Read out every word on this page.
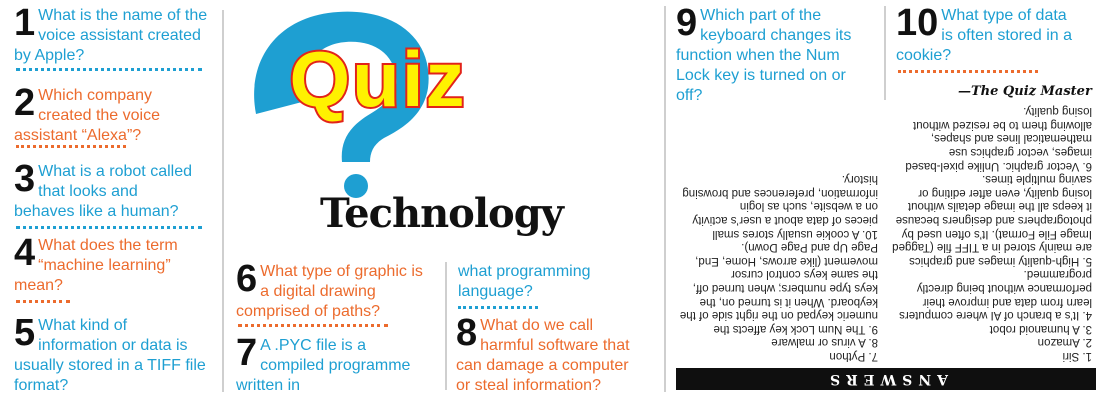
1 What is the name of the voice assistant created by Apple?
2 Which company created the voice assistant “Alexa”?
3 What is a robot called that looks and behaves like a human?
4 What does the term “machine learning” mean?
5 What kind of information or data is usually stored in a TIFF file format?
Quiz
Technology
6 What type of graphic is a digital drawing comprised of paths?
7 A .PYC file is a compiled programme written in
what programming language?
8 What do we call harmful software that can damage a computer or steal information?
9 Which part of the keyboard changes its function when the Num Lock key is turned on or off?
10 What type of data is often stored in a cookie?
—The Quiz Master
ANSWERS
1. Siri
2. Amazon
3. A humanoid robot
4. It’s a branch of AI where computers learn from data and improve their performance without being directly programmed.
5. High-quality images and graphics are mainly stored in a TIFF file (Tagged Image File Format). It’s often used by photographers and designers because it keeps all the image details without losing quality, even after editing or saving multiple times.
6. Vector graphic. Unlike pixel-based images, vector graphics use mathematical lines and shapes, allowing them to be resized without losing quality.
7. Python
8. A virus or malware
9. The Num Lock key affects the numeric keypad on the right side of the keyboard. When it is turned on, the keys type numbers; when turned off, the same keys control cursor movement (like arrows, Home, End, Page Up and Page Down).
10. A cookie usually stores small pieces of data about a user’s activity on a website, such as login information, preferences and browsing history.
